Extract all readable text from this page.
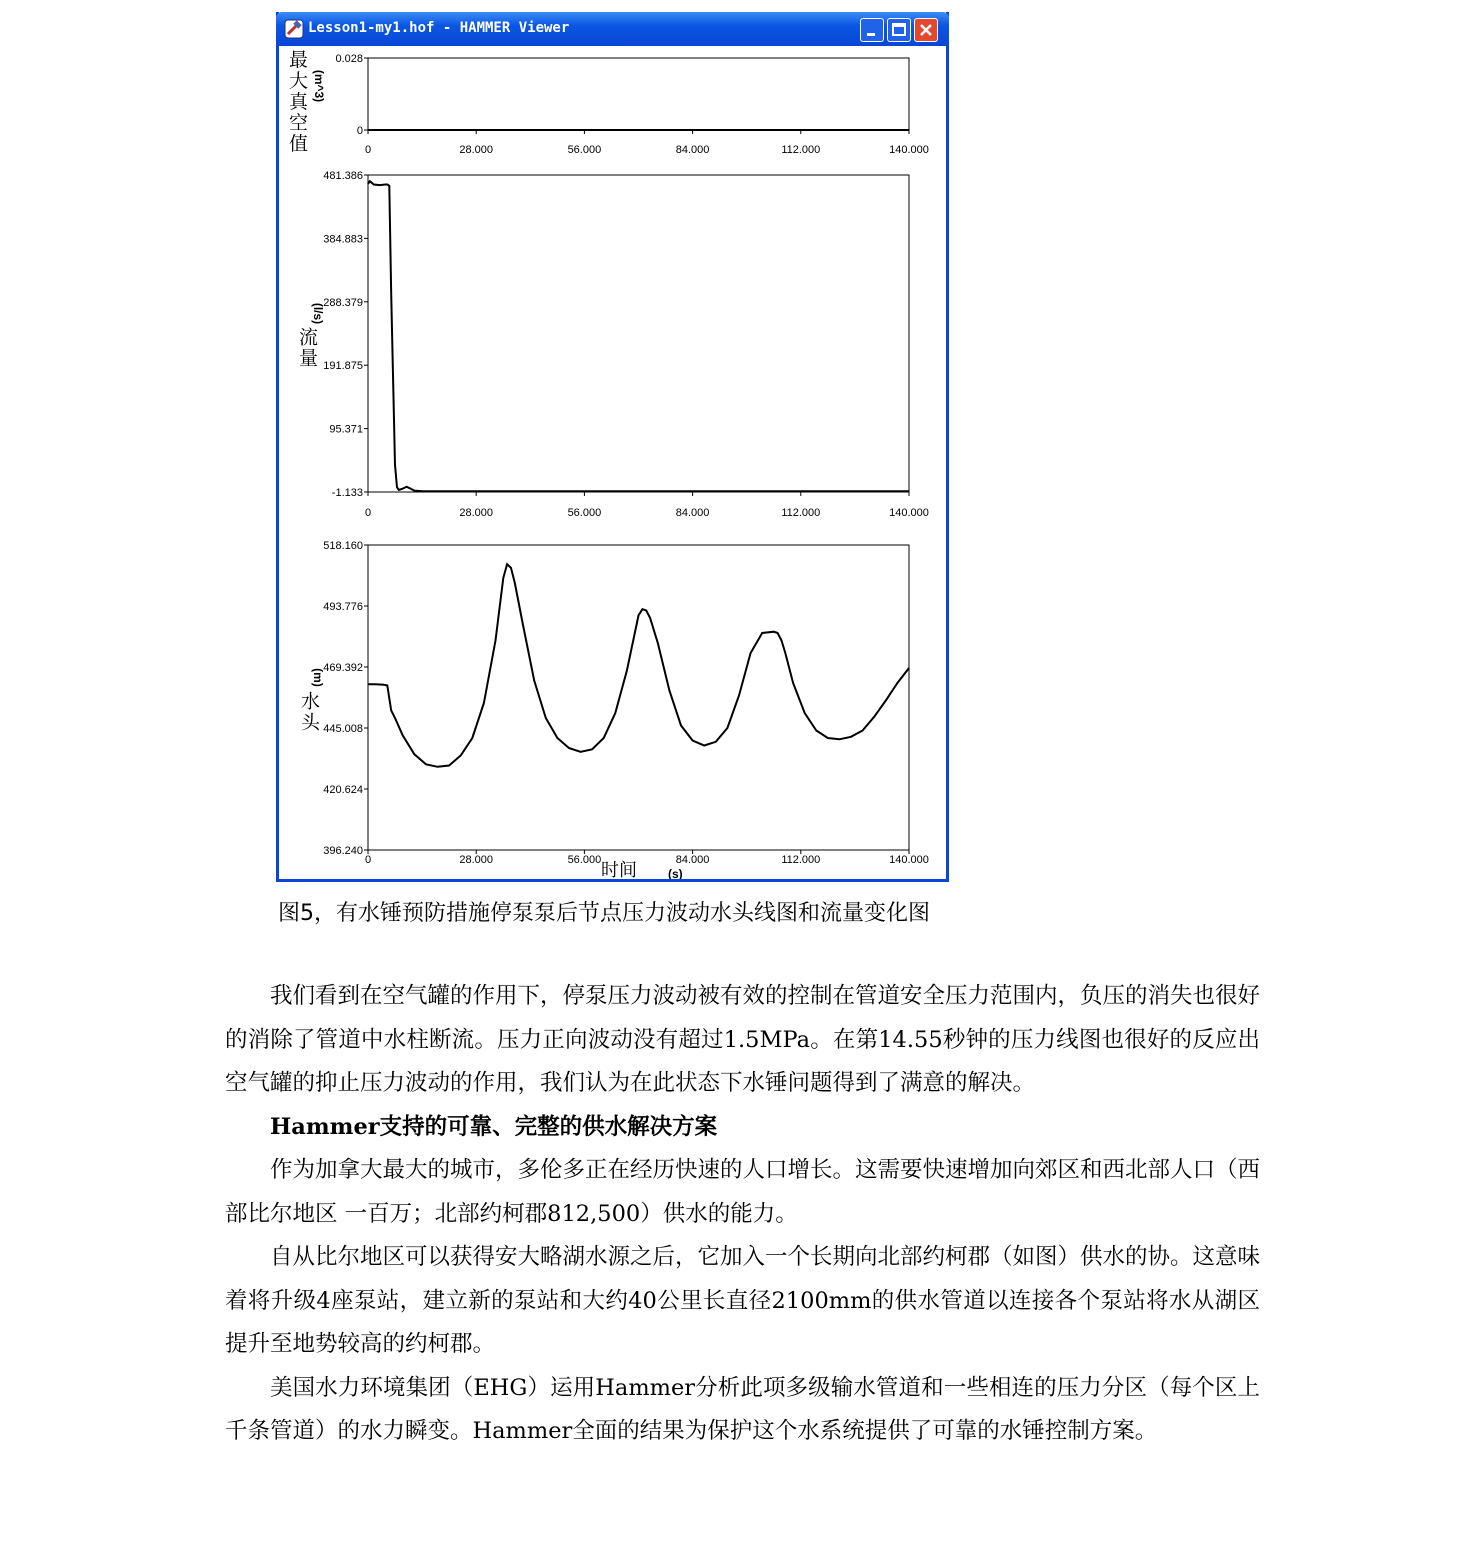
Lesson1-my1.hof - HAMMER Viewer
0.028
0
0	28.000	56.000	84.000	112.000	140.000
(m^3)
最
大
真
空
值
481.386
384.883
288.379
191.875
95.371
-1.133
0	28.000	56.000	84.000	112.000	140.000
(l/s)
流
量
518.160
493.776
469.392
445.008
420.624
396.240
0	28.000	56.000	84.000	112.000	140.000
(m)
水
头
时间	(s)
图5，有水锤预防措施停泵泵后节点压力波动水头线图和流量变化图

我们看到在空气罐的作用下，停泵压力波动被有效的控制在管道安全压力范围内，负压的消失也很好的消除了管道中水柱断流。压力正向波动没有超过1.5MPa。在第14.55秒钟的压力线图也很好的反应出空气罐的抑止压力波动的作用，我们认为在此状态下水锤问题得到了满意的解决。

Hammer支持的可靠、完整的供水解决方案

作为加拿大最大的城市，多伦多正在经历快速的人口增长。这需要快速增加向郊区和西北部人口（西部比尔地区 一百万；北部约柯郡812,500）供水的能力。

自从比尔地区可以获得安大略湖水源之后，它加入一个长期向北部约柯郡（如图）供水的协。这意味着将升级4座泵站，建立新的泵站和大约40公里长直径2100mm的供水管道以连接各个泵站将水从湖区提升至地势较高的约柯郡。

美国水力环境集团（EHG）运用Hammer分析此项多级输水管道和一些相连的压力分区（每个区上千条管道）的水力瞬变。Hammer全面的结果为保护这个水系统提供了可靠的水锤控制方案。
